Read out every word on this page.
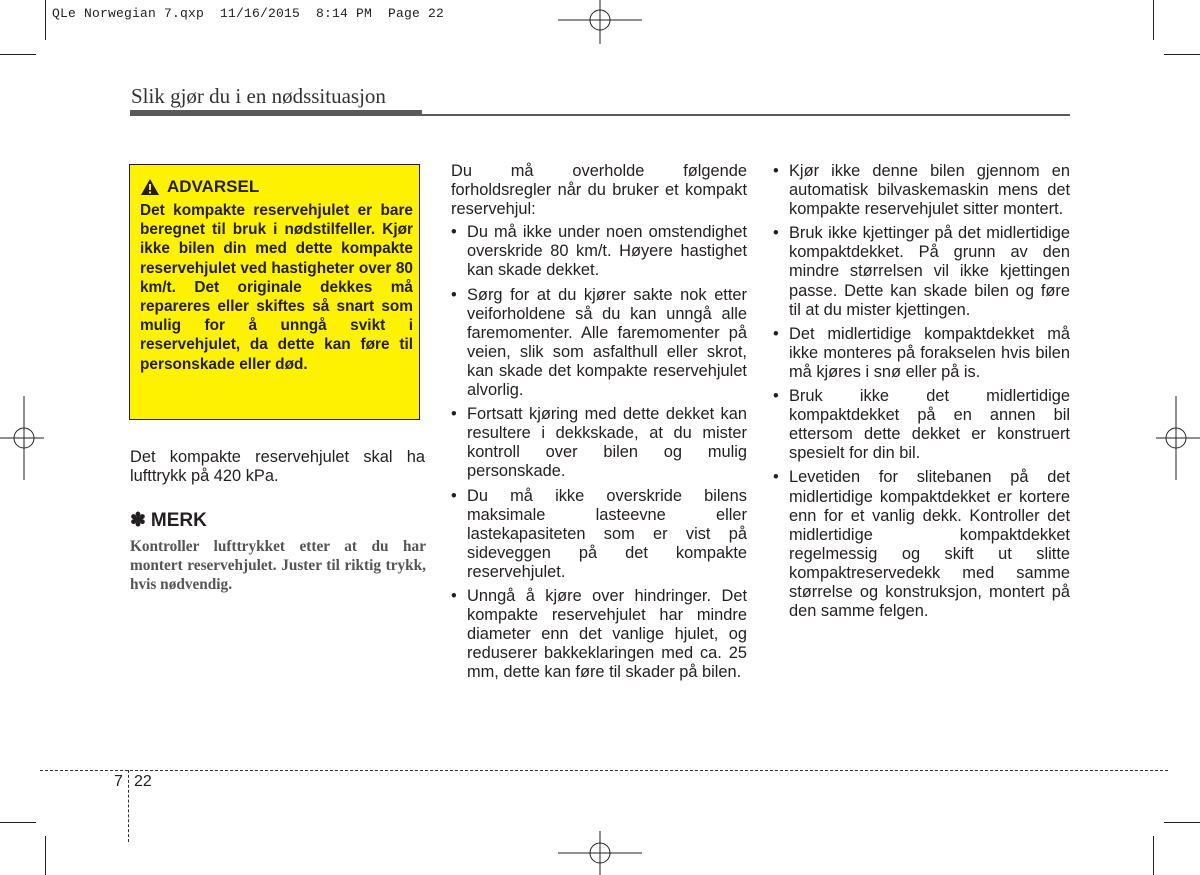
QLe Norwegian 7.qxp  11/16/2015  8:14 PM  Page 22
Slik gjør du i en nødssituasjon
ADVARSEL
Det kompakte reservehjulet er bare beregnet til bruk i nødstilfeller. Kjør ikke bilen din med dette kompakte reservehjulet ved hastigheter over 80 km/t. Det originale dekkes må repareres eller skiftes så snart som mulig for å unngå svikt i reservehjulet, da dette kan føre til personskade eller død.
Det kompakte reservehjulet skal ha lufttrykk på 420 kPa.
✽ MERK
Kontroller lufttrykket etter at du har montert reservehjulet. Juster til riktig trykk, hvis nødvendig.
Du må overholde følgende forholdsregler når du bruker et kompakt reservehjul:
• Du må ikke under noen omstendighet overskride 80 km/t. Høyere hastighet kan skade dekket.
• Sørg for at du kjører sakte nok etter veiforholdene så du kan unngå alle faremomenter. Alle faremomenter på veien, slik som asfalthull eller skrot, kan skade det kompakte reservehjulet alvorlig.
• Fortsatt kjøring med dette dekket kan resultere i dekkskade, at du mister kontroll over bilen og mulig personskade.
• Du må ikke overskride bilens maksimale lasteevne eller lastekapasiteten som er vist på sideveggen på det kompakte reservehjulet.
• Unngå å kjøre over hindringer. Det kompakte reservehjulet har mindre diameter enn det vanlige hjulet, og reduserer bakkeklaringen med ca. 25 mm, dette kan føre til skader på bilen.
• Kjør ikke denne bilen gjennom en automatisk bilvaskemaskin mens det kompakte reservehjulet sitter montert.
• Bruk ikke kjettinger på det midlertidige kompaktdekket. På grunn av den mindre størrelsen vil ikke kjettingen passe. Dette kan skade bilen og føre til at du mister kjettingen.
• Det midlertidige kompaktdekket må ikke monteres på forakselen hvis bilen må kjøres i snø eller på is.
• Bruk ikke det midlertidige kompaktdekket på en annen bil ettersom dette dekket er konstruert spesielt for din bil.
• Levetiden for slitebanen på det midlertidige kompaktdekket er kortere enn for et vanlig dekk. Kontroller det midlertidige kompaktdekket regelmessig og skift ut slitte kompaktreservedekk med samme størrelse og konstruksjon, montert på den samme felgen.
7 22
